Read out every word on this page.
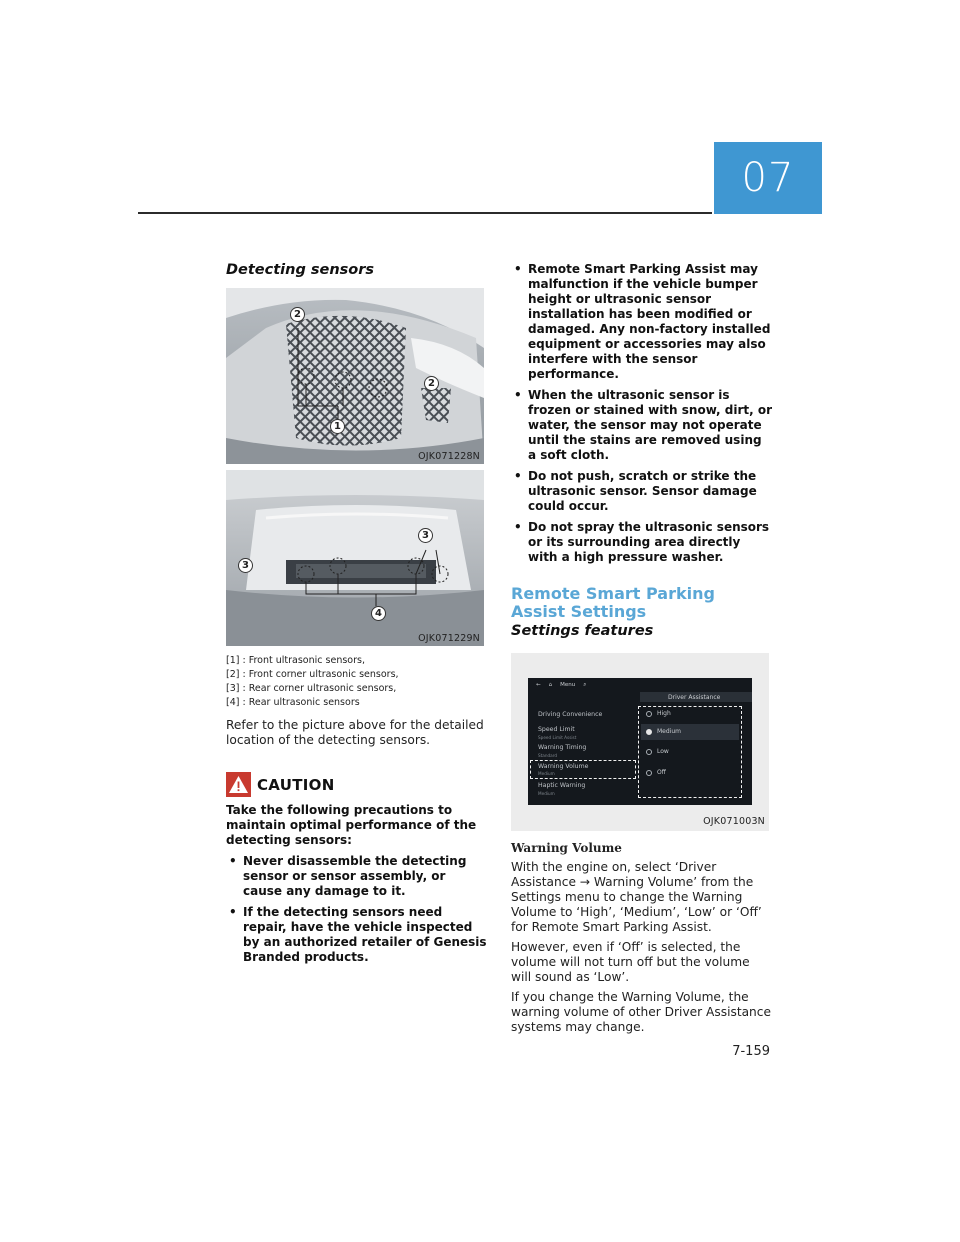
07
Detecting sensors
2
2
1
OJK071228N
3
3
4
OJK071229N
[1] : Front ultrasonic sensors,
[2] : Front corner ultrasonic sensors,
[3] : Rear corner ultrasonic sensors,
[4] : Rear ultrasonic sensors
Refer to the picture above for the detailed location of the detecting sensors.
CAUTION
Take the following precautions to maintain optimal performance of the detecting sensors:
• Never disassemble the detecting sensor or sensor assembly, or cause any damage to it.
• If the detecting sensors need repair, have the vehicle inspected by an authorized retailer of Genesis Branded products.
• Remote Smart Parking Assist may malfunction if the vehicle bumper height or ultrasonic sensor installation has been modified or damaged. Any non-factory installed equipment or accessories may also interfere with the sensor performance.
• When the ultrasonic sensor is frozen or stained with snow, dirt, or water, the sensor may not operate until the stains are removed using a soft cloth.
• Do not push, scratch or strike the ultrasonic sensor. Sensor damage could occur.
• Do not spray the ultrasonic sensors or its surrounding area directly with a high pressure washer.
Remote Smart Parking Assist Settings
Settings features
← ⌂ Menu ⌕
Driver Assistance
Driving Convenience
Speed Limit
Speed Limit Assist
Warning Timing
Standard
Warning Volume
Medium
Haptic Warning
Medium
High
Medium
Low
Off
OJK071003N
Warning Volume
With the engine on, select ‘Driver Assistance → Warning Volume’ from the Settings menu to change the Warning Volume to ‘High’, ‘Medium’, ‘Low’ or ‘Off’ for Remote Smart Parking Assist.
However, even if ‘Off’ is selected, the volume will not turn off but the volume will sound as ‘Low’.
If you change the Warning Volume, the warning volume of other Driver Assistance systems may change.
7-159
